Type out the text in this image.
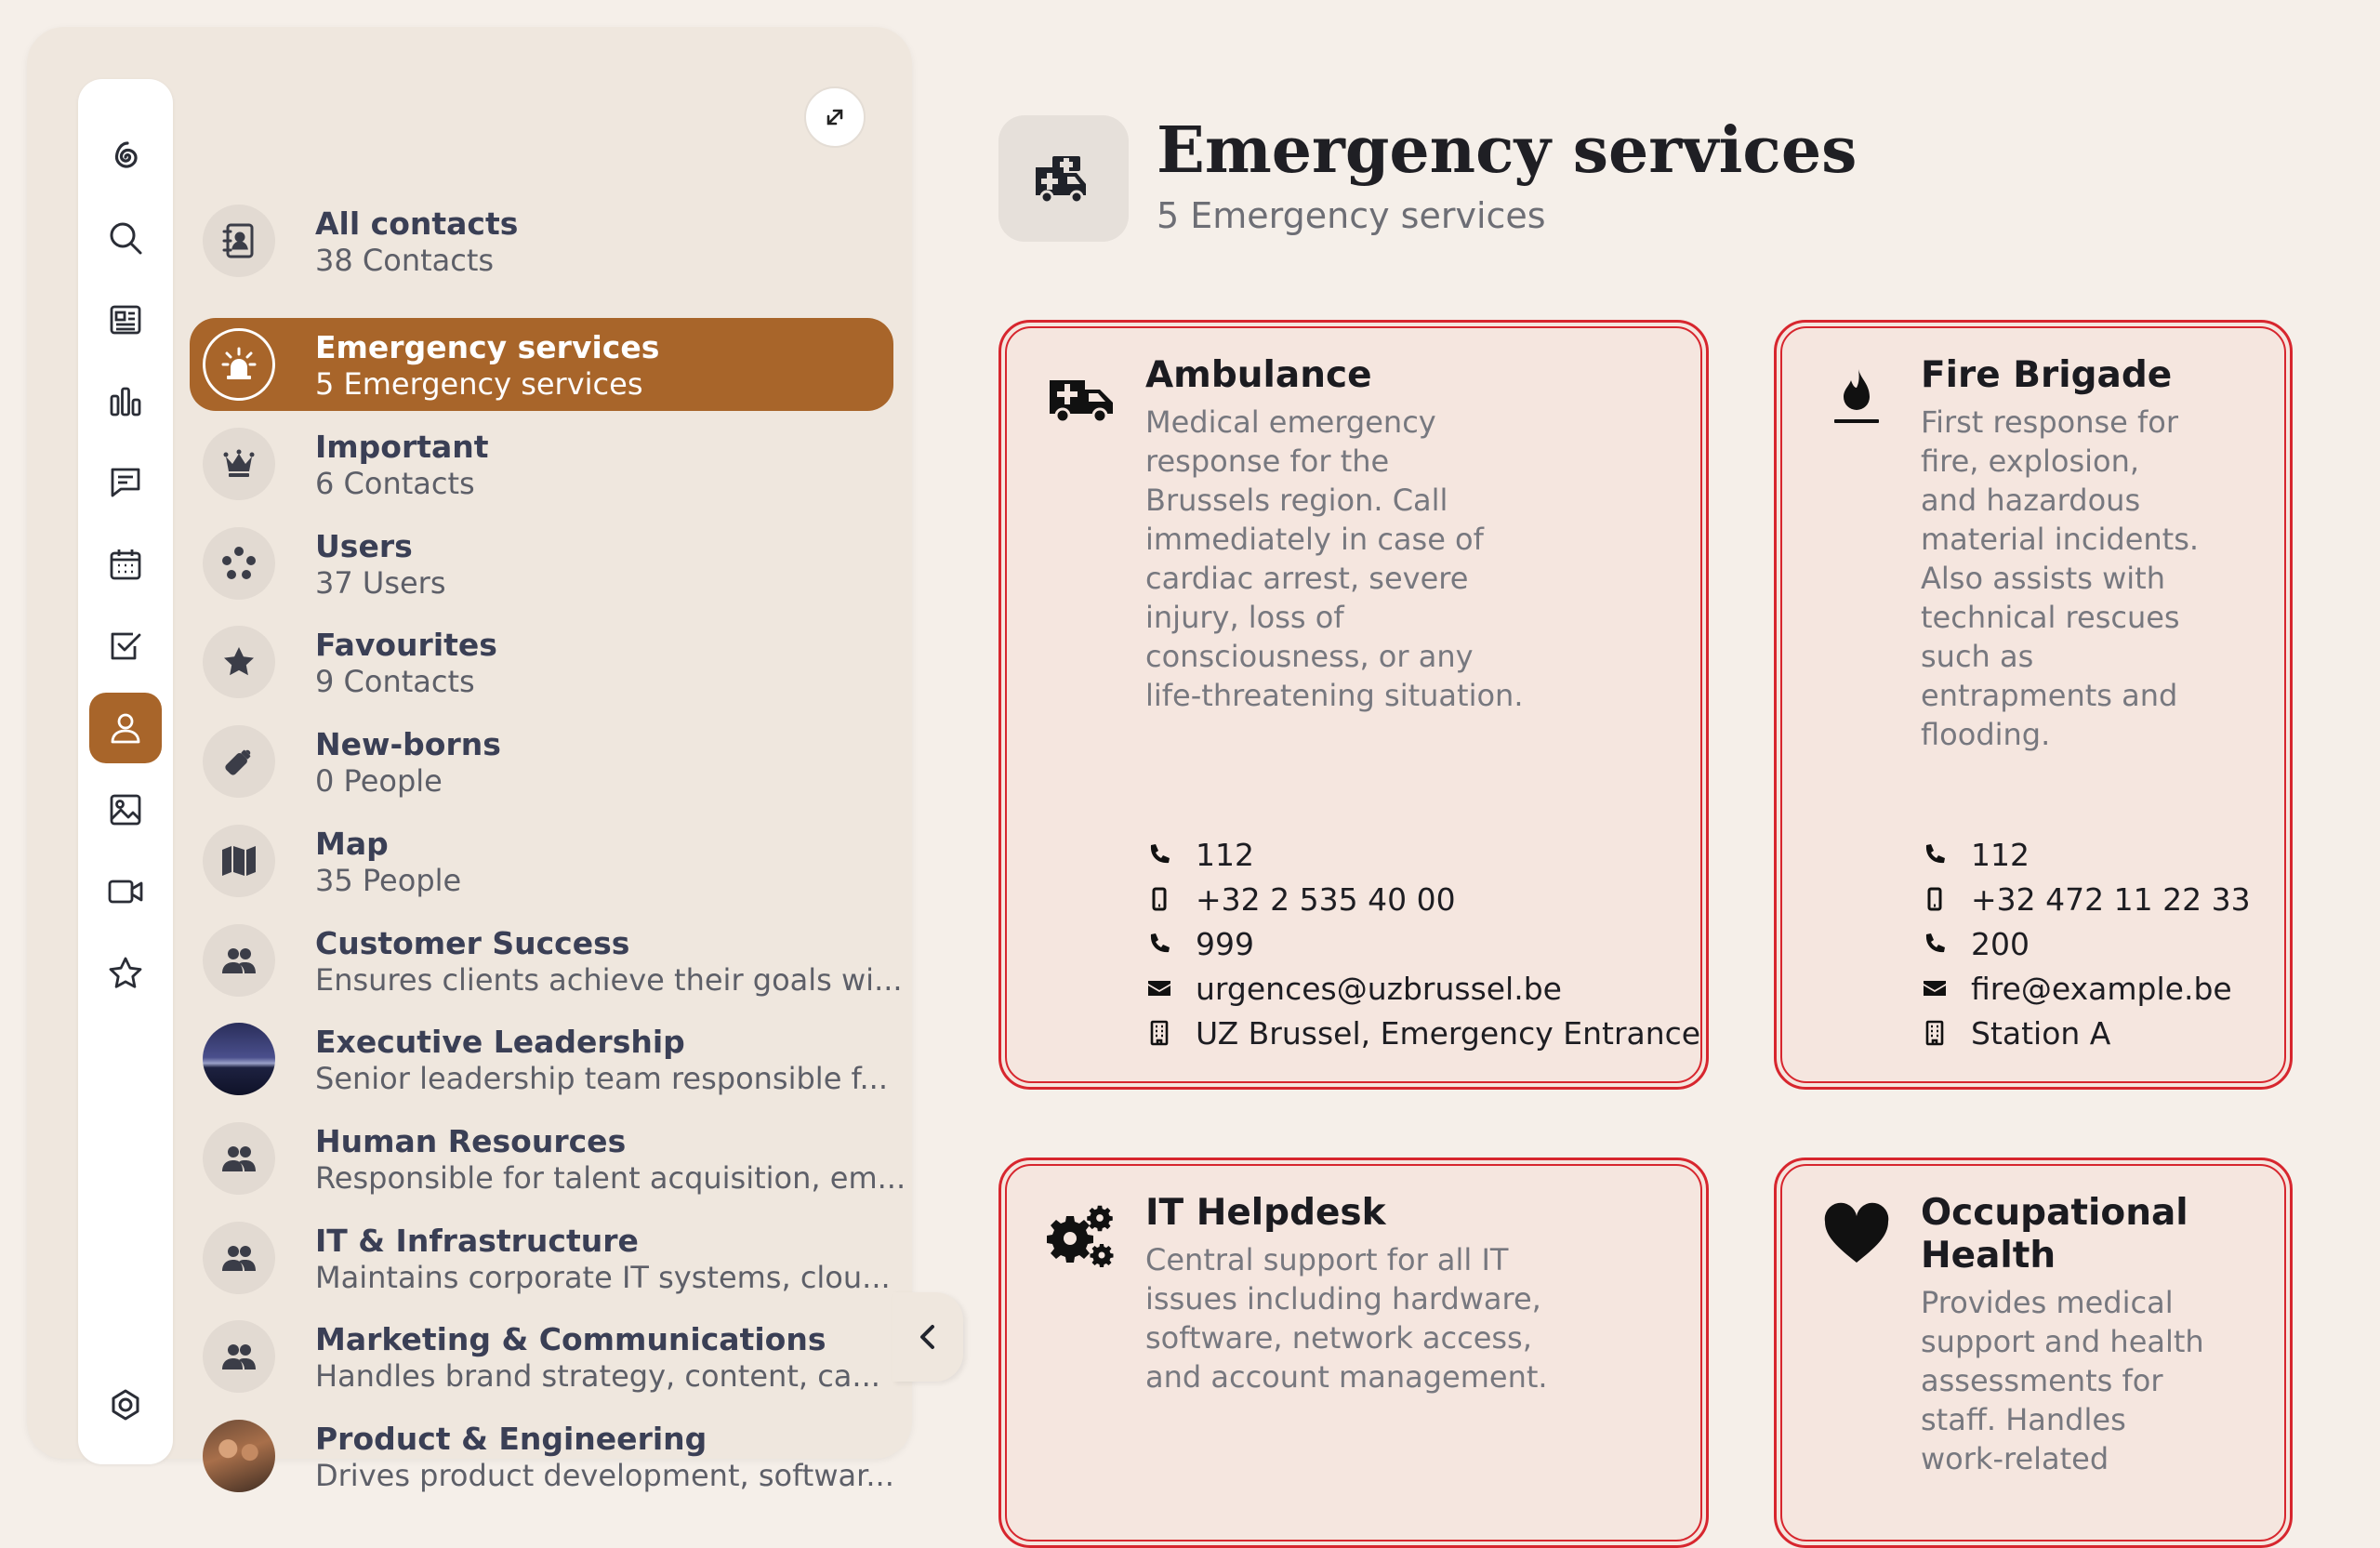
All contacts
38 Contacts
Emergency services
5 Emergency services
Important
6 Contacts
Users
37 Users
Favourites
9 Contacts
New-borns
0 People
Map
35 People
Customer Success
Ensures clients achieve their goals wi...
Executive Leadership
Senior leadership team responsible f...
Human Resources
Responsible for talent acquisition, em...
IT & Infrastructure
Maintains corporate IT systems, clou...
Marketing & Communications
Handles brand strategy, content, ca...
Product & Engineering
Drives product development, softwar...
Emergency services
5 Emergency services
Ambulance
Medical emergency
response for the
Brussels region. Call
immediately in case of
cardiac arrest, severe
injury, loss of
consciousness, or any
life-threatening situation.
112
+32 2 535 40 00
999
urgences@uzbrussel.be
UZ Brussel, Emergency Entrance
Fire Brigade
First response for
fire, explosion,
and hazardous
material incidents.
Also assists with
technical rescues
such as
entrapments and
flooding.
112
+32 472 11 22 33
200
fire@example.be
Station A
IT Helpdesk
Central support for all IT
issues including hardware,
software, network access,
and account management.
Occupational
Health
Provides medical
support and health
assessments for
staff. Handles
work-related
